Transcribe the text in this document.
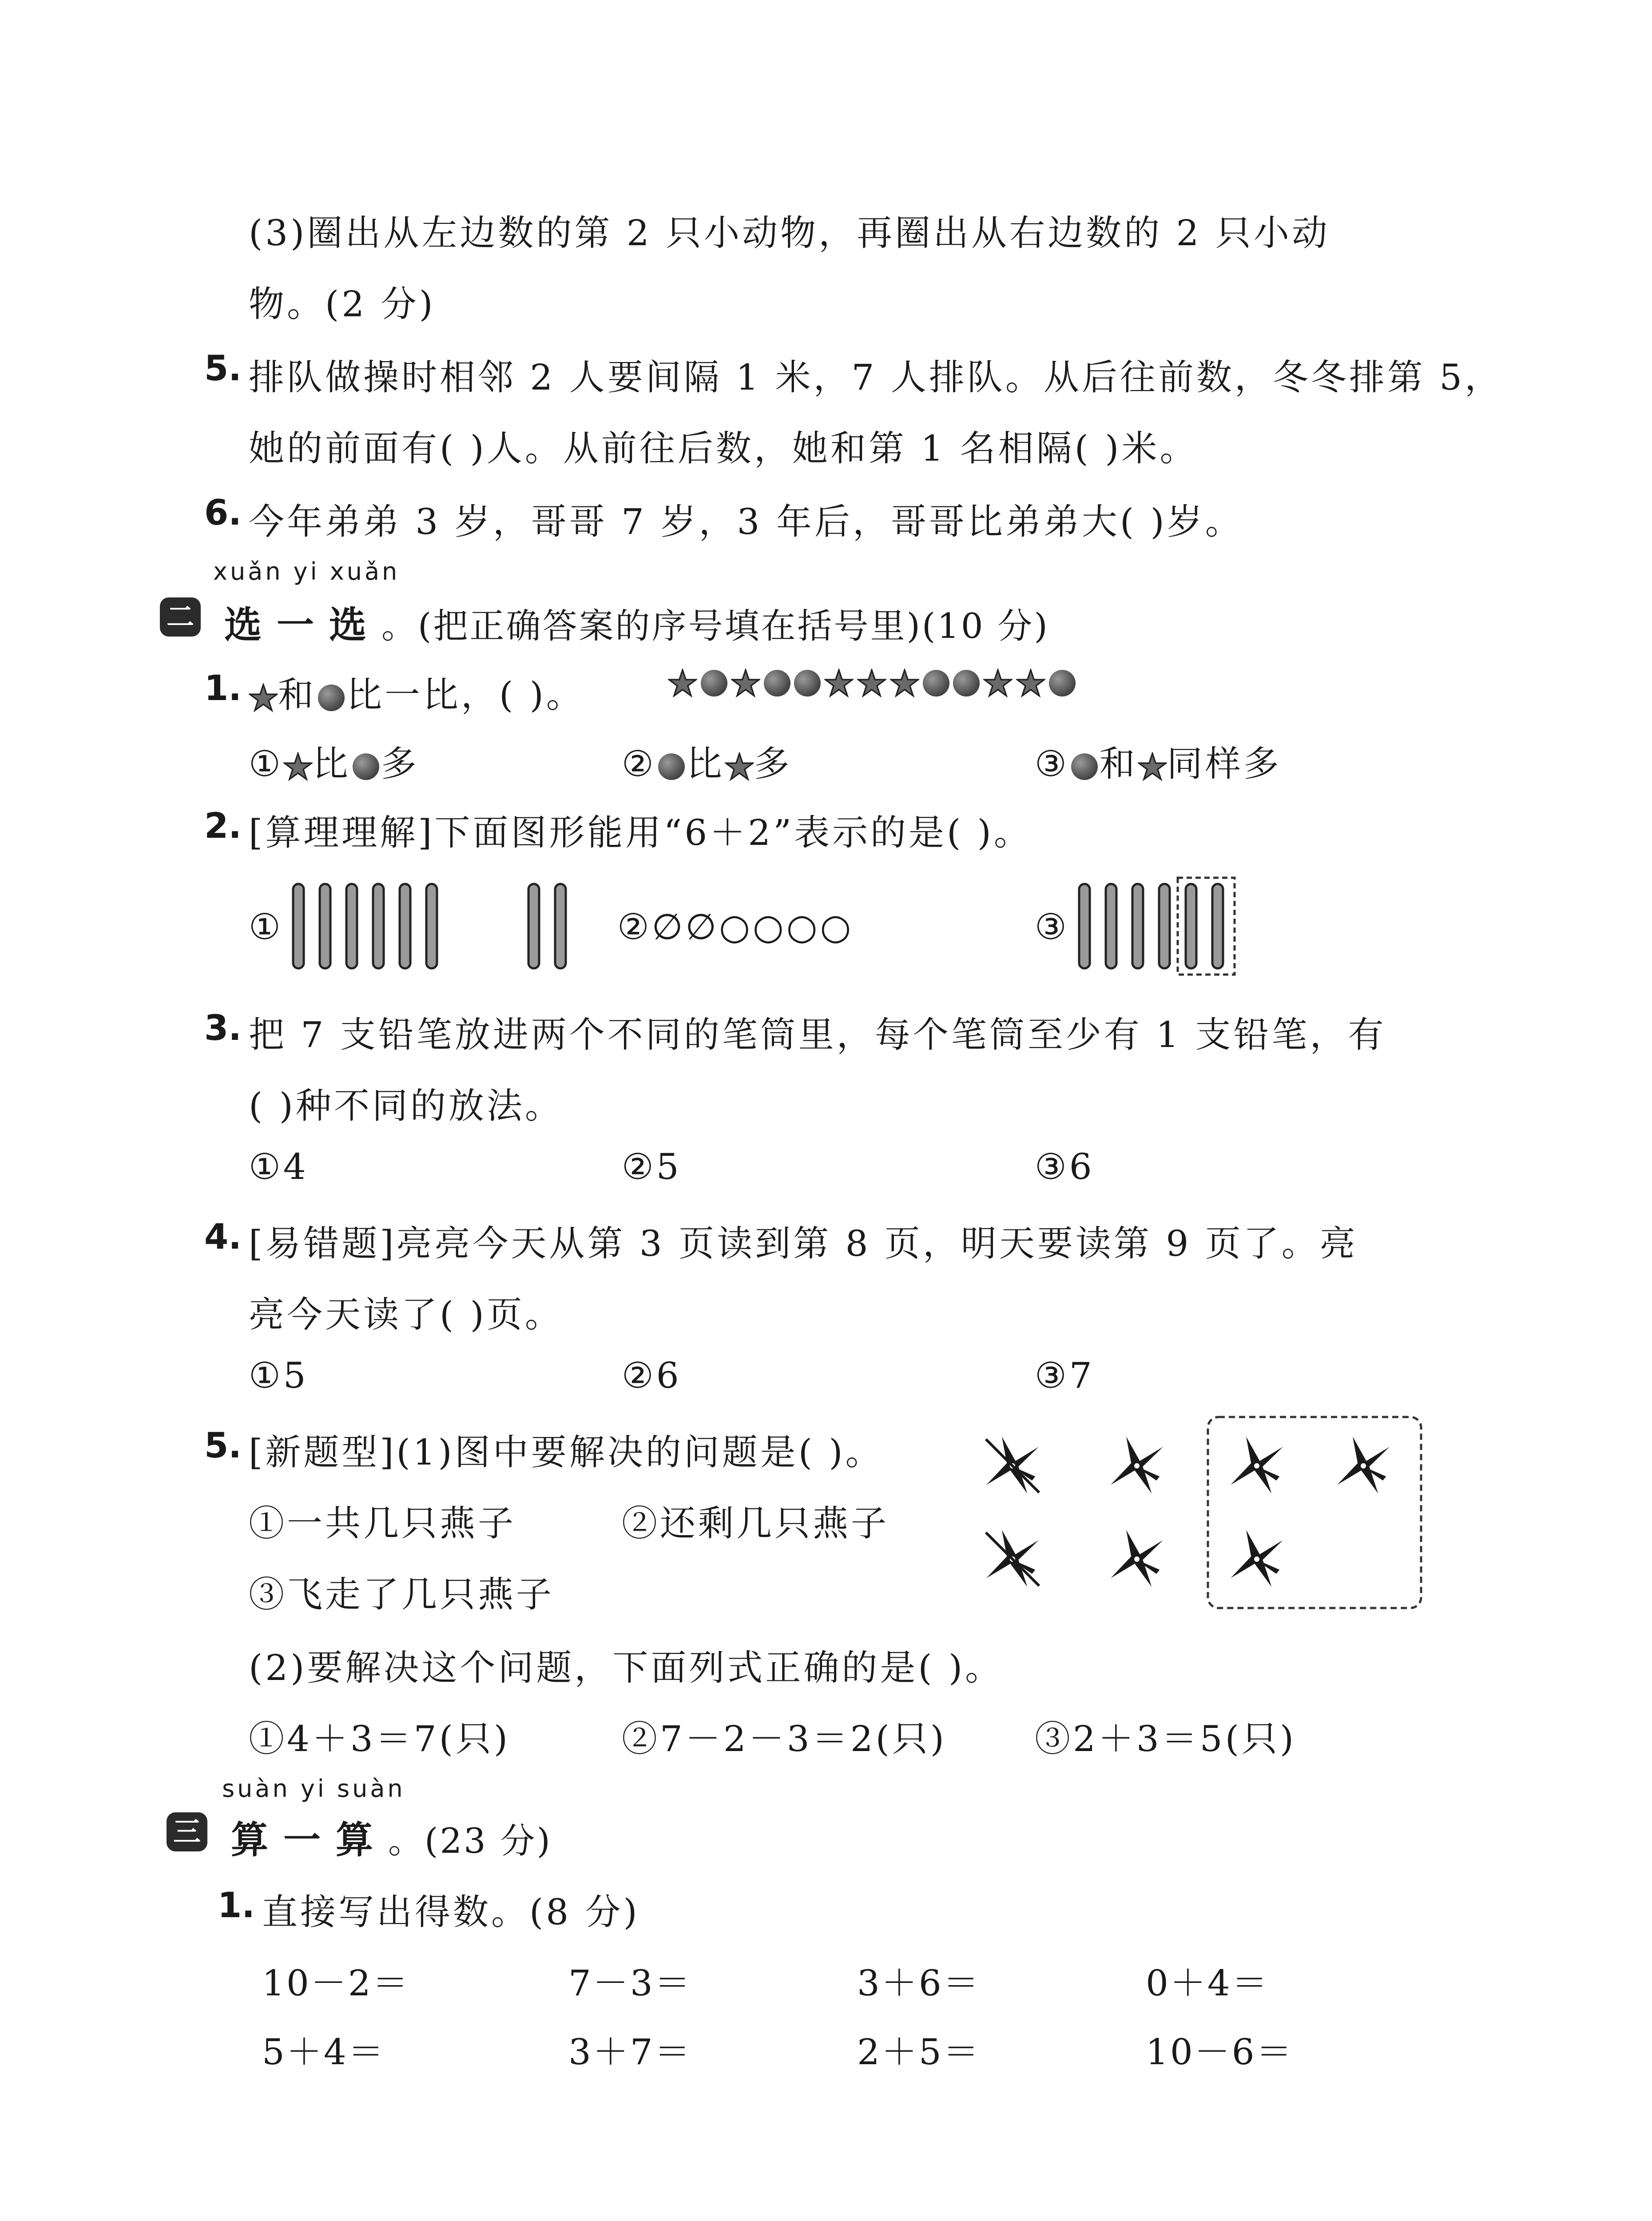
(3)圈出从左边数的第 2 只小动物，再圈出从右边数的 2 只小动
物。(2 分)
5. 排队做操时相邻 2 人要间隔 1 米，7 人排队。从后往前数，冬冬排第 5，
她的前面有( )人。从前往后数，她和第 1 名相隔( )米。
6. 今年弟弟 3 岁，哥哥 7 岁，3 年后，哥哥比弟弟大( )岁。
xuǎn yi xuǎn
二 选一选。(把正确答案的序号填在括号里)(10 分)
1.	和 比一比，( )。
① 比 多	② 比 多	③ 和 同样多
2. [算理理解]下面图形能用“6＋2”表示的是( )。
①	②∅∅○○○○	③
3. 把 7 支铅笔放进两个不同的笔筒里，每个笔筒至少有 1 支铅笔，有
( )种不同的放法。
①4	②5	③6
4. [易错题]亮亮今天从第 3 页读到第 8 页，明天要读第 9 页了。亮
亮今天读了( )页。
①5	②6	③7
5. [新题型](1)图中要解决的问题是( )。
①一共几只燕子	②还剩几只燕子
③飞走了几只燕子
(2)要解决这个问题，下面列式正确的是( )。
①4＋3＝7(只)	②7－2－3＝2(只) ③2＋3＝5(只)
suàn yi suàn
三 算一算。(23 分)
1. 直接写出得数。(8 分)
10－2＝	7－3＝	3＋6＝	0＋4＝
5＋4＝	3＋7＝	2＋5＝	10－6＝
